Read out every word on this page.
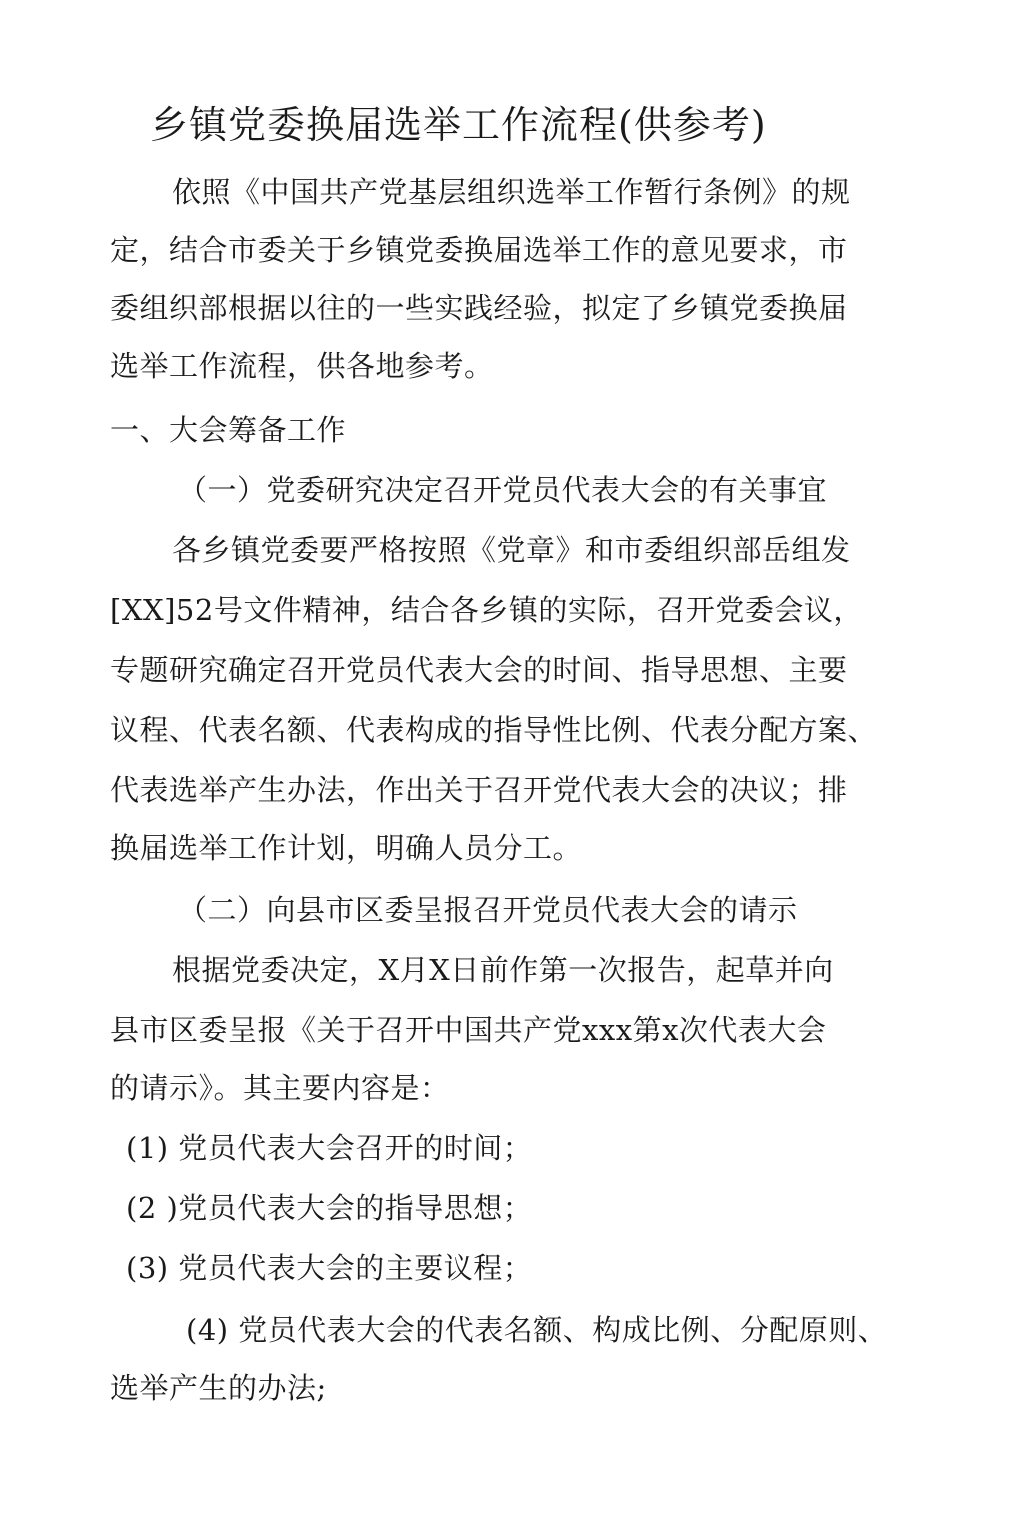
乡镇党委换届选举工作流程(供参考)
依照《中国共产党基层组织选举工作暂行条例》的规
定，结合市委关于乡镇党委换届选举工作的意见要求，市
委组织部根据以往的一些实践经验，拟定了乡镇党委换届
选举工作流程，供各地参考。
一、大会筹备工作
（一）党委研究决定召开党员代表大会的有关事宜
各乡镇党委要严格按照《党章》和市委组织部岳组发
[XX]52号文件精神，结合各乡镇的实际，召开党委会议，
专题研究确定召开党员代表大会的时间、指导思想、主要
议程、代表名额、代表构成的指导性比例、代表分配方案、
代表选举产生办法，作出关于召开党代表大会的决议；排
换届选举工作计划，明确人员分工。
（二）向县市区委呈报召开党员代表大会的请示
根据党委决定，X月X日前作第一次报告，起草并向
县市区委呈报《关于召开中国共产党xxx第x次代表大会
的请示》。其主要内容是：
(1) 党员代表大会召开的时间；
(2 )党员代表大会的指导思想；
(3) 党员代表大会的主要议程；
(4) 党员代表大会的代表名额、构成比例、分配原则、
选举产生的办法;
